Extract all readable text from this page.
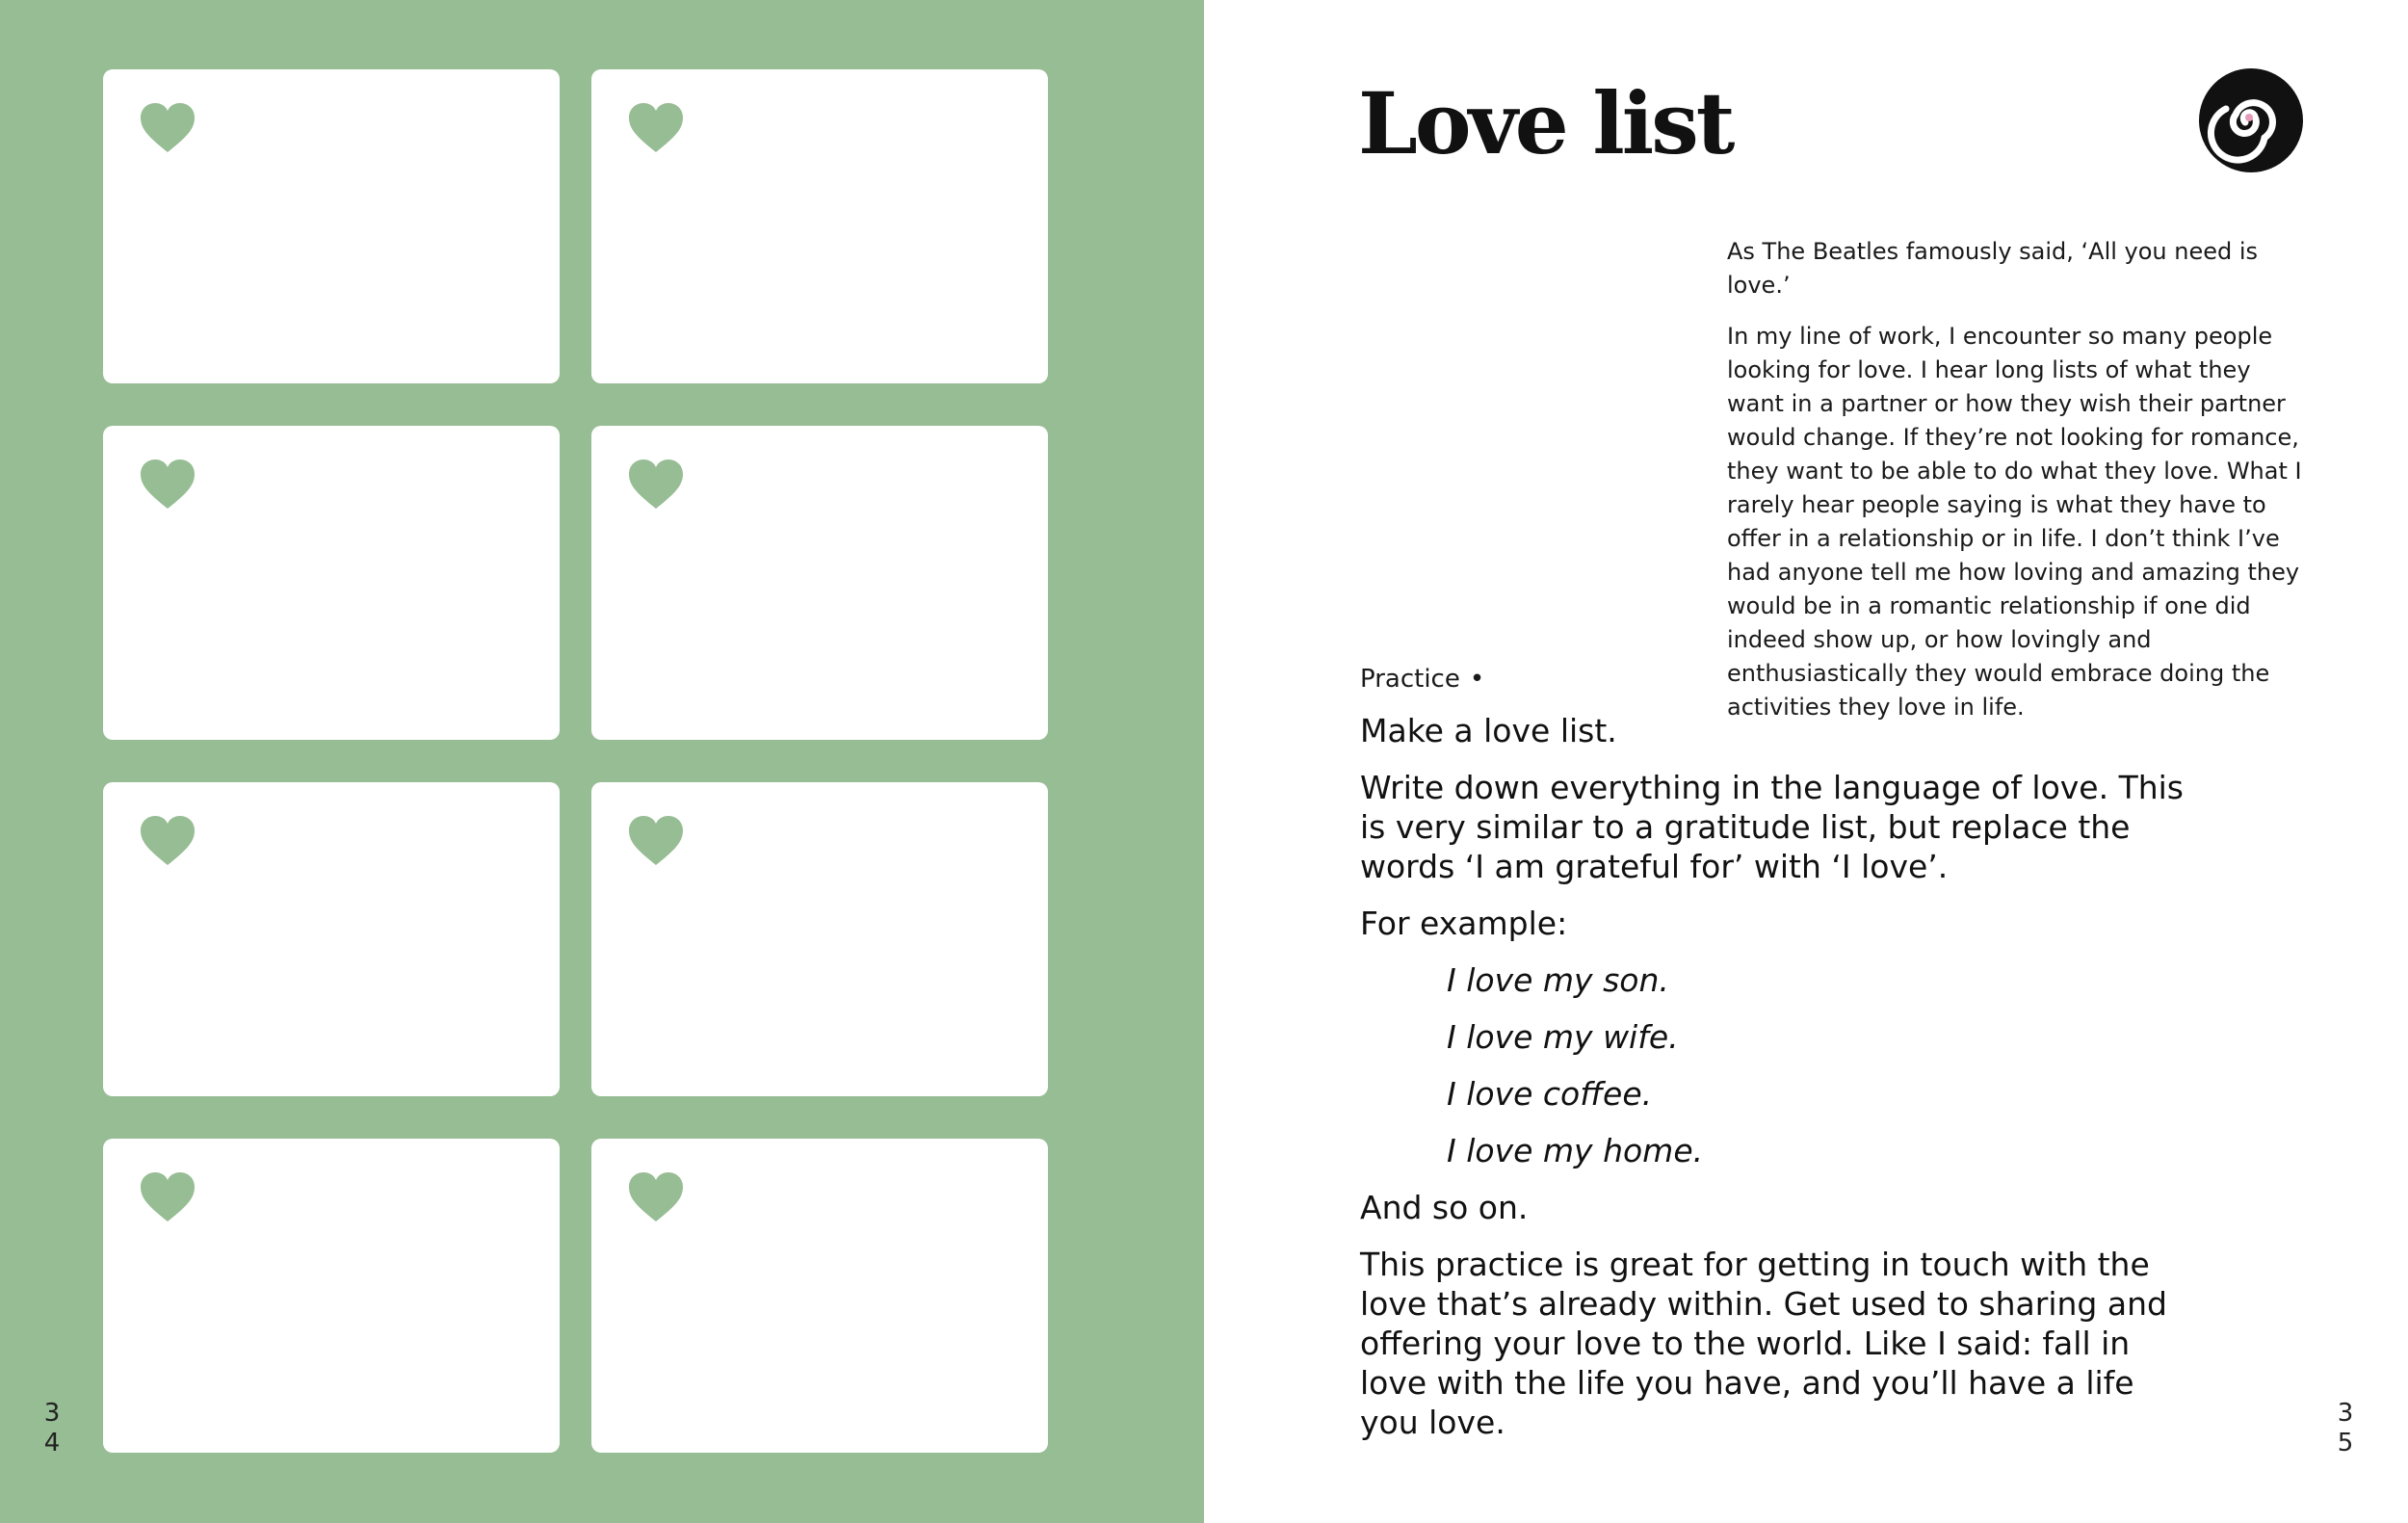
3
4
Love list

As The Beatles famously said, ‘All you need is love.’

In my line of work, I encounter so many people looking for love. I hear long lists of what they want in a partner or how they wish their partner would change. If they’re not looking for romance, they want to be able to do what they love. What I rarely hear people saying is what they have to offer in a relationship or in life. I don’t think I’ve had anyone tell me how loving and amazing they would be in a romantic relationship if one did indeed show up, or how lovingly and enthusiastically they would embrace doing the activities they love in life.

Practice •

Make a love list.

Write down everything in the language of love. This is very similar to a gratitude list, but replace the words ‘I am grateful for’ with ‘I love’.

For example:

I love my son.

I love my wife.

I love coffee.

I love my home.

And so on.

This practice is great for getting in touch with the love that’s already within. Get used to sharing and offering your love to the world. Like I said: fall in love with the life you have, and you’ll have a life you love.	3
5
